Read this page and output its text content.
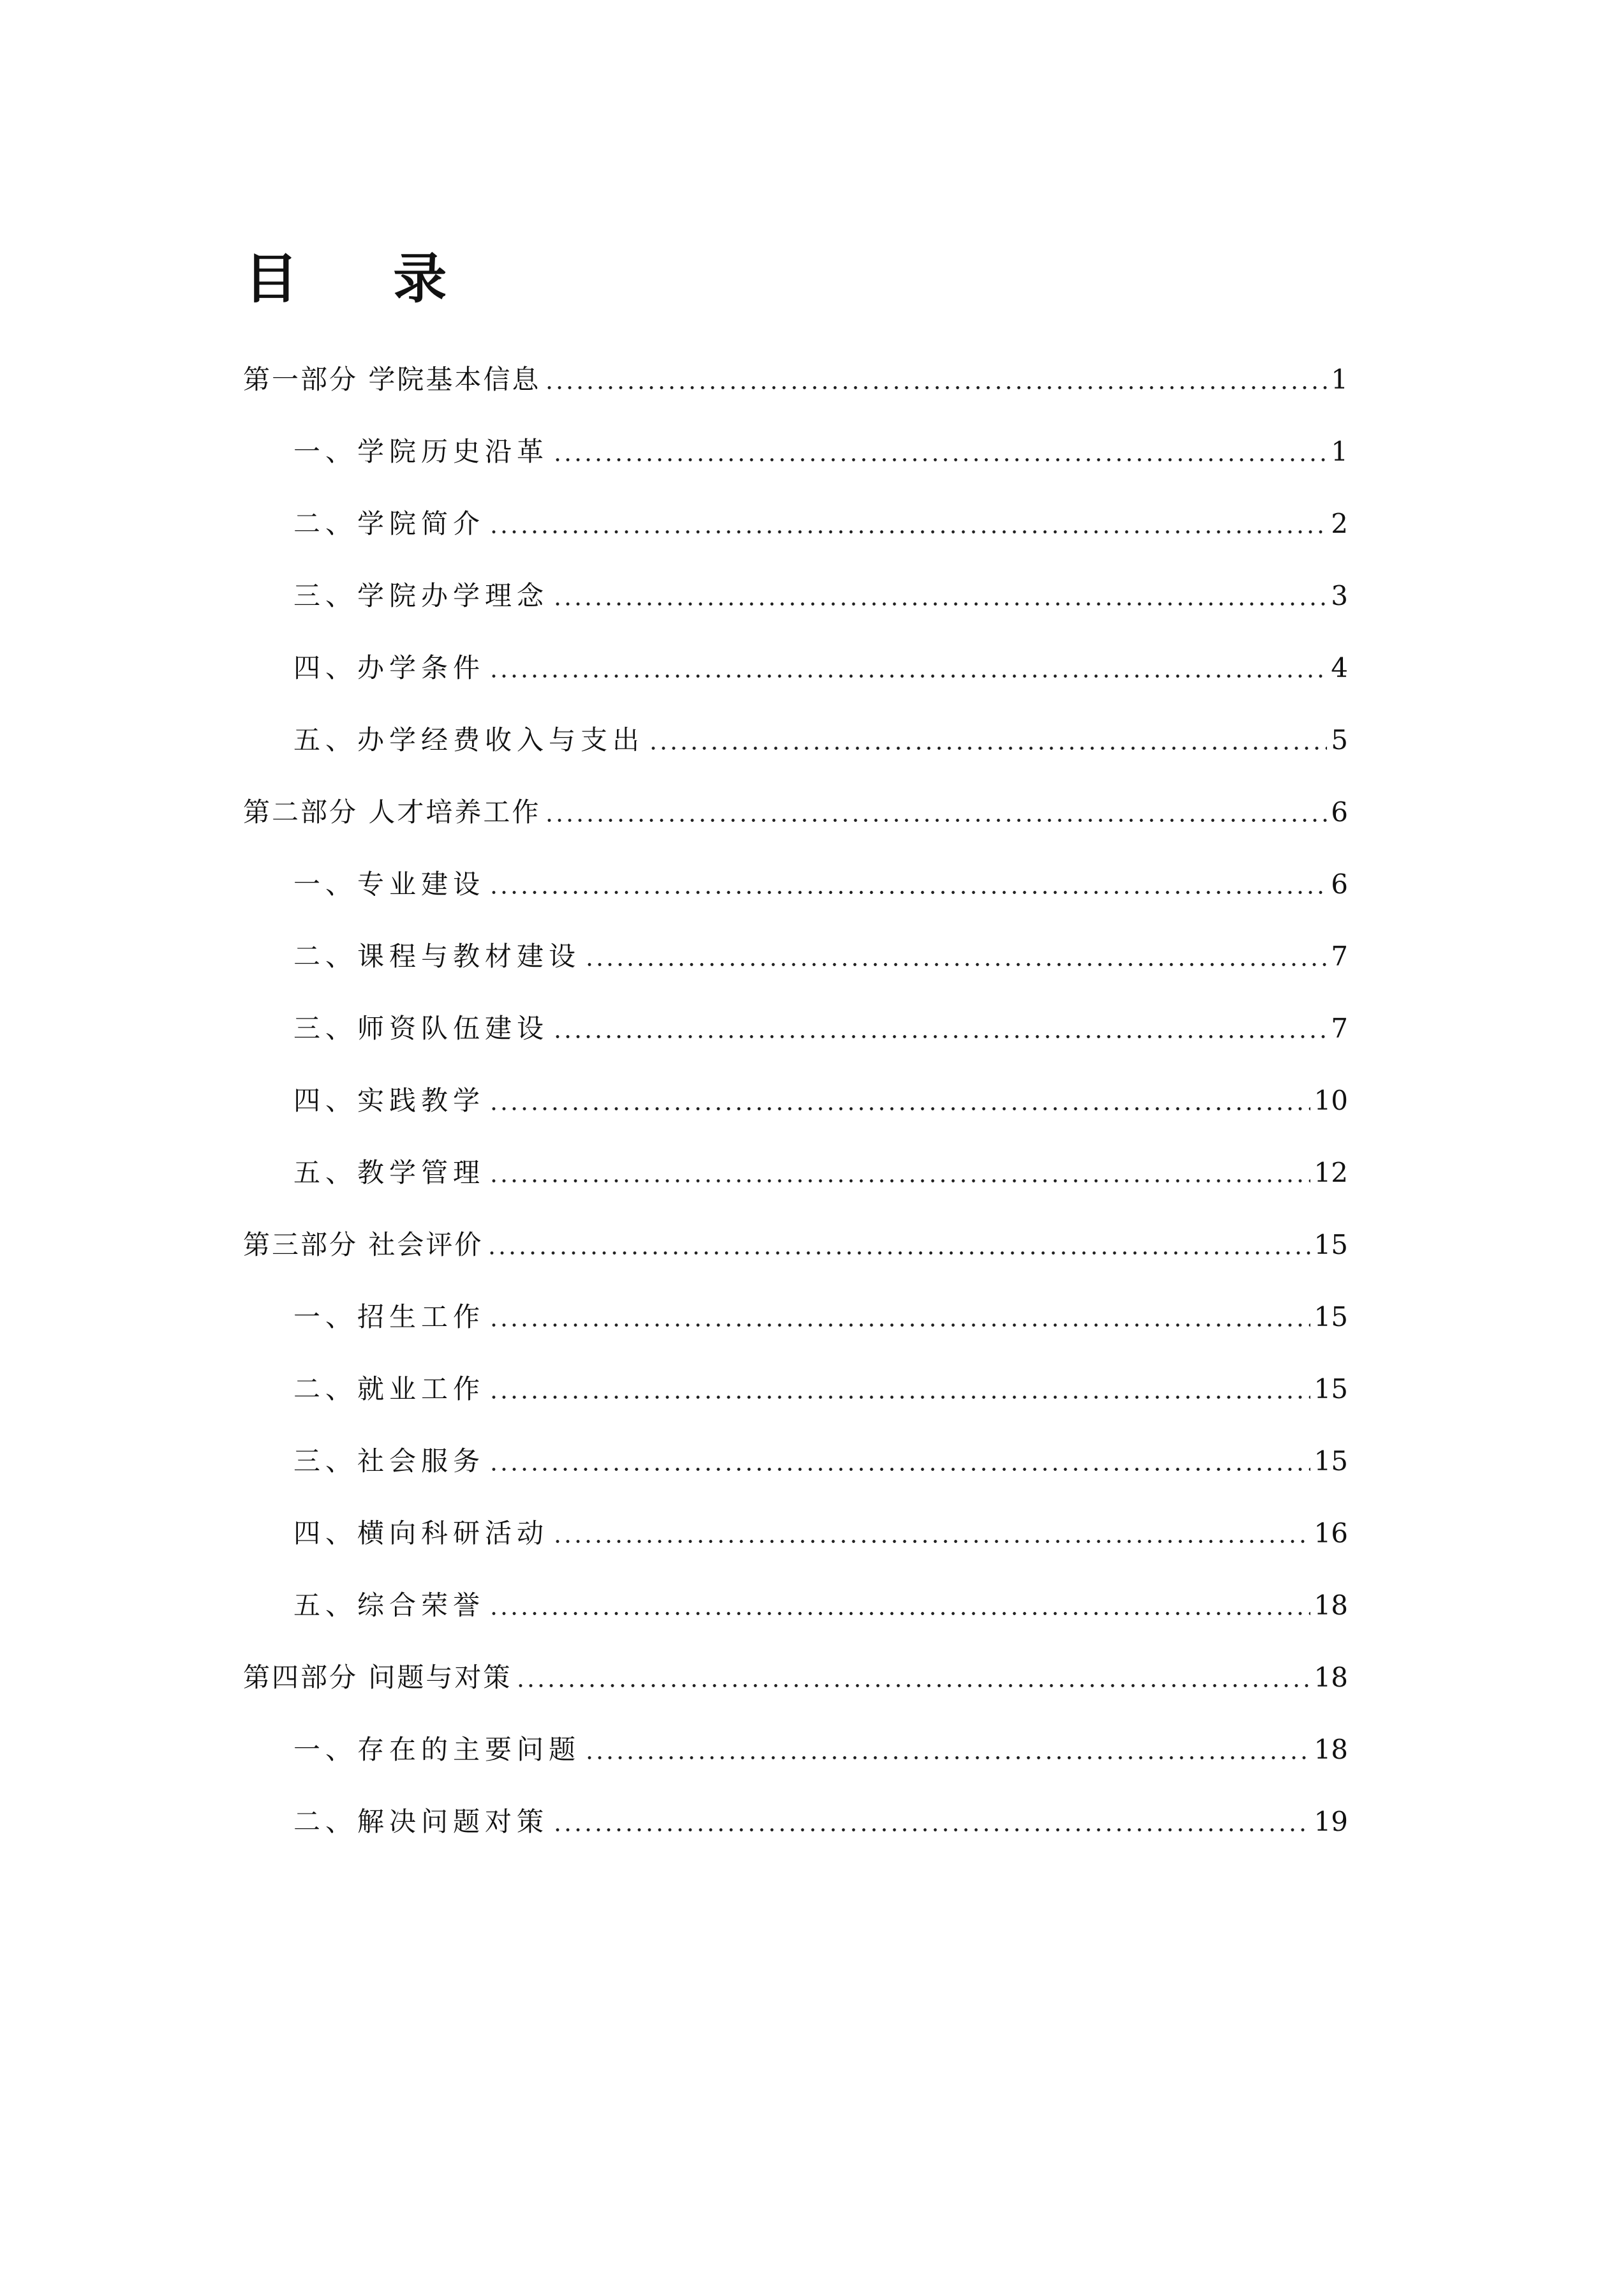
目 录
第一部分 学院基本信息	1
一、学院历史沿革	1
二、学院简介	2
三、学院办学理念	3
四、办学条件	4
五、办学经费收入与支出	5
第二部分 人才培养工作	6
一、专业建设	6
二、课程与教材建设	7
三、师资队伍建设	7
四、实践教学	10
五、教学管理	12
第三部分 社会评价	15
一、招生工作	15
二、就业工作	15
三、社会服务	15
四、横向科研活动	16
五、综合荣誉	18
第四部分 问题与对策	18
一、存在的主要问题	18
二、解决问题对策	19
